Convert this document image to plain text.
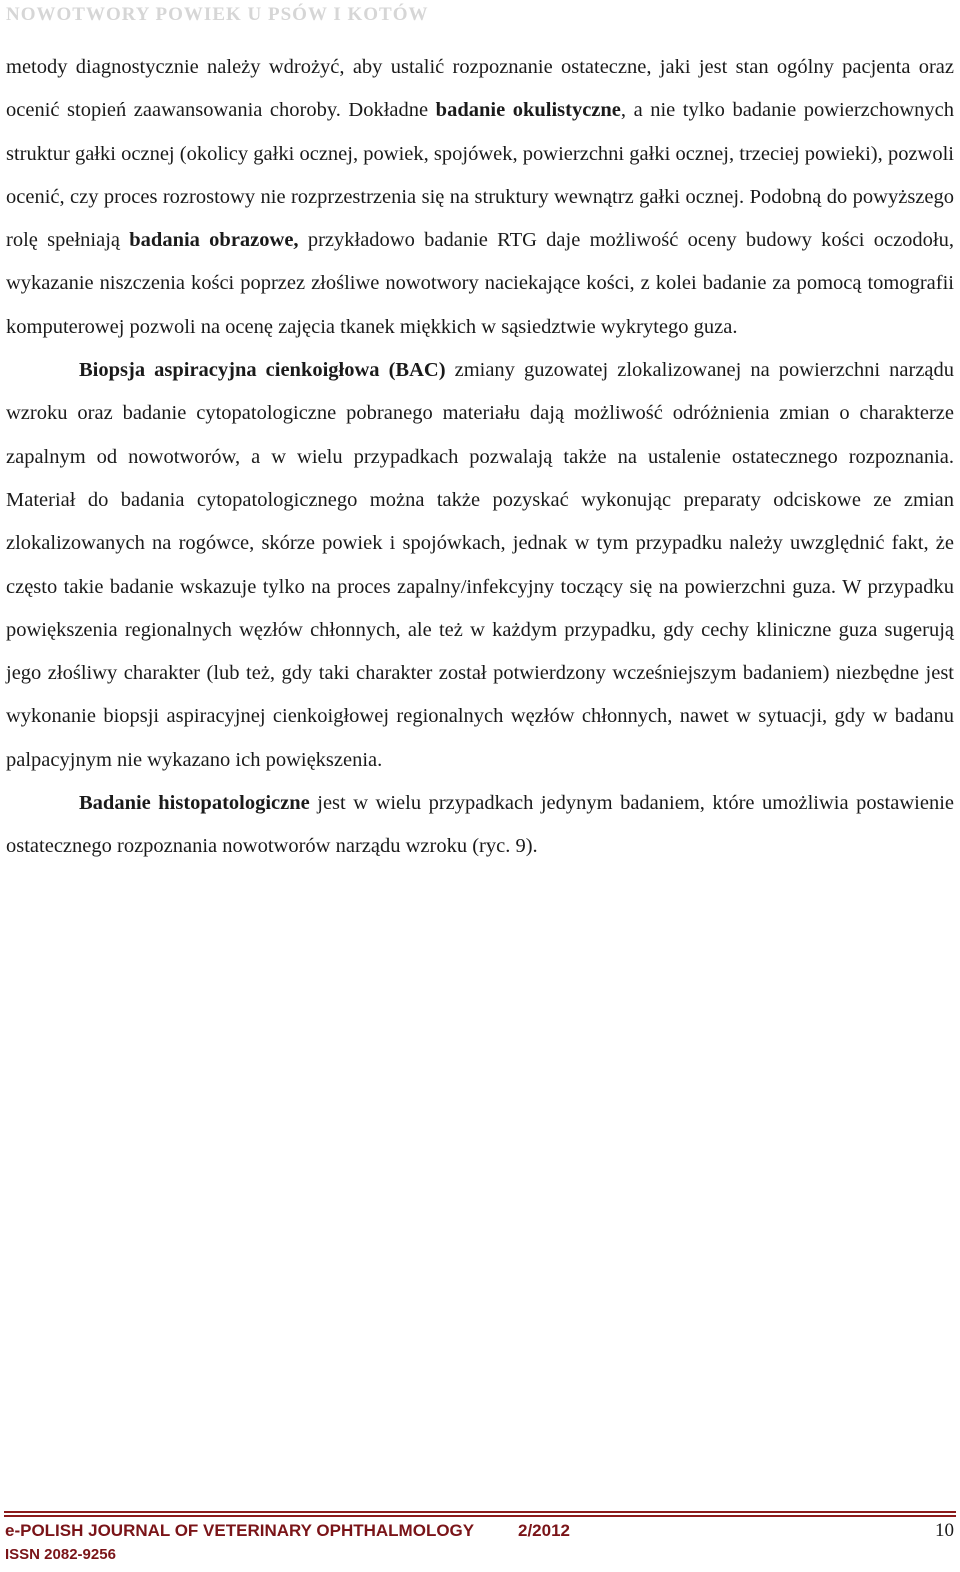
NOWOTWORY POWIEK U PSÓW I KOTÓW

metody diagnostycznie należy wdrożyć, aby ustalić rozpoznanie ostateczne, jaki jest stan ogólny pacjenta oraz ocenić stopień zaawansowania choroby. Dokładne badanie okulistyczne, a nie tylko badanie powierzchownych struktur gałki ocznej (okolicy gałki ocznej, powiek, spojówek, powierzchni gałki ocznej, trzeciej powieki), pozwoli ocenić, czy proces rozrostowy nie rozprzestrzenia się na struktury wewnątrz gałki ocznej. Podobną do powyższego rolę spełniają badania obrazowe, przykładowo badanie RTG daje możliwość oceny budowy kości oczodołu, wykazanie niszczenia kości poprzez złośliwe nowotwory naciekające kości, z kolei badanie za pomocą tomografii komputerowej pozwoli na ocenę zajęcia tkanek miękkich w sąsiedztwie wykrytego guza.

Biopsja aspiracyjna cienkoigłowa (BAC) zmiany guzowatej zlokalizowanej na powierzchni narządu wzroku oraz badanie cytopatologiczne pobranego materiału dają możliwość odróżnienia zmian o charakterze zapalnym od nowotworów, a w wielu przypadkach pozwalają także na ustalenie ostatecznego rozpoznania. Materiał do badania cytopatologicznego można także pozyskać wykonując preparaty odciskowe ze zmian zlokalizowanych na rogówce, skórze powiek i spojówkach, jednak w tym przypadku należy uwzględnić fakt, że często takie badanie wskazuje tylko na proces zapalny/infekcyjny toczący się na powierzchni guza. W przypadku powiększenia regionalnych węzłów chłonnych, ale też w każdym przypadku, gdy cechy kliniczne guza sugerują jego złośliwy charakter (lub też, gdy taki charakter został potwierdzony wcześniejszym badaniem) niezbędne jest wykonanie biopsji aspiracyjnej cienkoigłowej regionalnych węzłów chłonnych, nawet w sytuacji, gdy w badanu palpacyjnym nie wykazano ich powiększenia.

Badanie histopatologiczne jest w wielu przypadkach jedynym badaniem, które umożliwia postawienie ostatecznego rozpoznania nowotworów narządu wzroku (ryc. 9).

e-POLISH JOURNAL OF VETERINARY OPHTHALMOLOGY	2/2012	10
ISSN 2082-9256
